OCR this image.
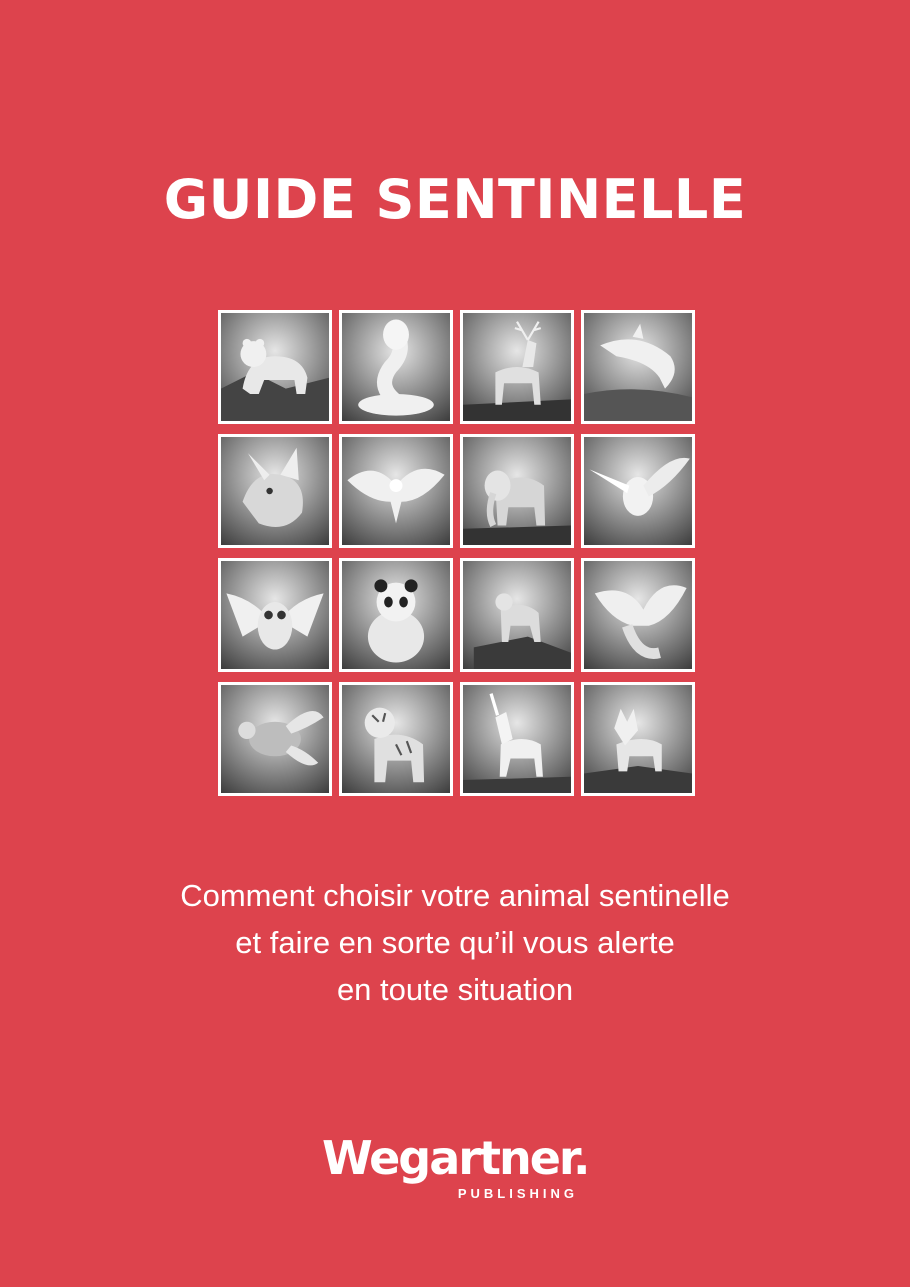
GUIDE SENTINELLE
Comment choisir votre animal sentinelle
et faire en sorte qu’il vous alerte
en toute situation
Wegartner.
PUBLISHING
